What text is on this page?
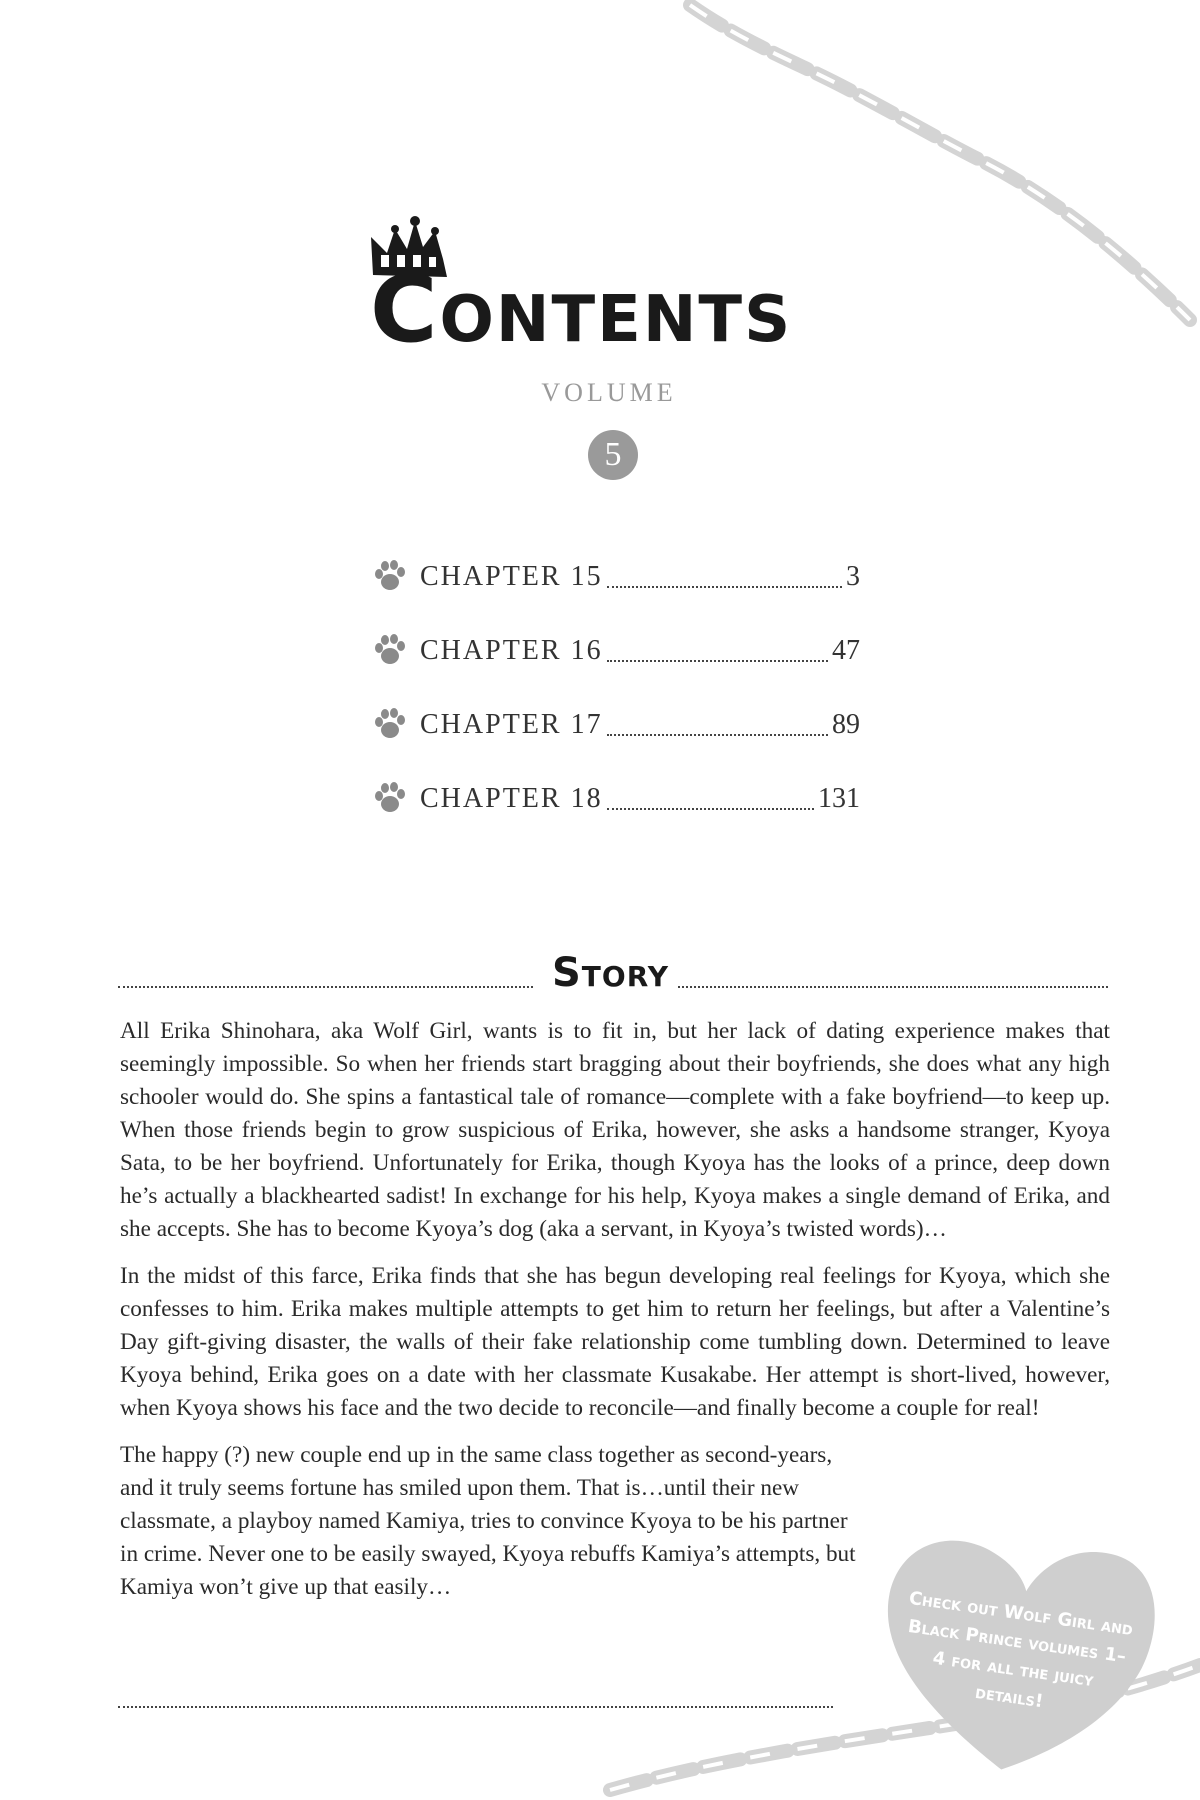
Contents
VOLUME
5
CHAPTER 15	3
CHAPTER 16	47
CHAPTER 17	89
CHAPTER 18	131
Story

All Erika Shinohara, aka Wolf Girl, wants is to fit in, but her lack of dating experience makes that seemingly impossible. So when her friends start bragging about their boyfriends, she does what any high schooler would do. She spins a fantastical tale of romance—complete with a fake boyfriend—to keep up. When those friends begin to grow suspicious of Erika, however, she asks a handsome stranger, Kyoya Sata, to be her boyfriend. Unfortunately for Erika, though Kyoya has the looks of a prince, deep down he’s actually a blackhearted sadist! In exchange for his help, Kyoya makes a single demand of Erika, and she accepts. She has to become Kyoya’s dog (aka a servant, in Kyoya’s twisted words)…

In the midst of this farce, Erika finds that she has begun developing real feelings for Kyoya, which she confesses to him. Erika makes multiple attempts to get him to return her feelings, but after a Valentine’s Day gift-giving disaster, the walls of their fake relationship come tumbling down. Determined to leave Kyoya behind, Erika goes on a date with her classmate Kusakabe. Her attempt is short-lived, however, when Kyoya shows his face and the two decide to reconcile—and finally become a couple for real!

The happy (?) new couple end up in the same class together as second-years, and it truly seems fortune has smiled upon them. That is…until their new classmate, a playboy named Kamiya, tries to convince Kyoya to be his partner in crime. Never one to be easily swayed, Kyoya rebuffs Kamiya’s attempts, but Kamiya won’t give up that easily…

Check out Wolf Girl and Black Prince volumes 1–4 for all the juicy details!
